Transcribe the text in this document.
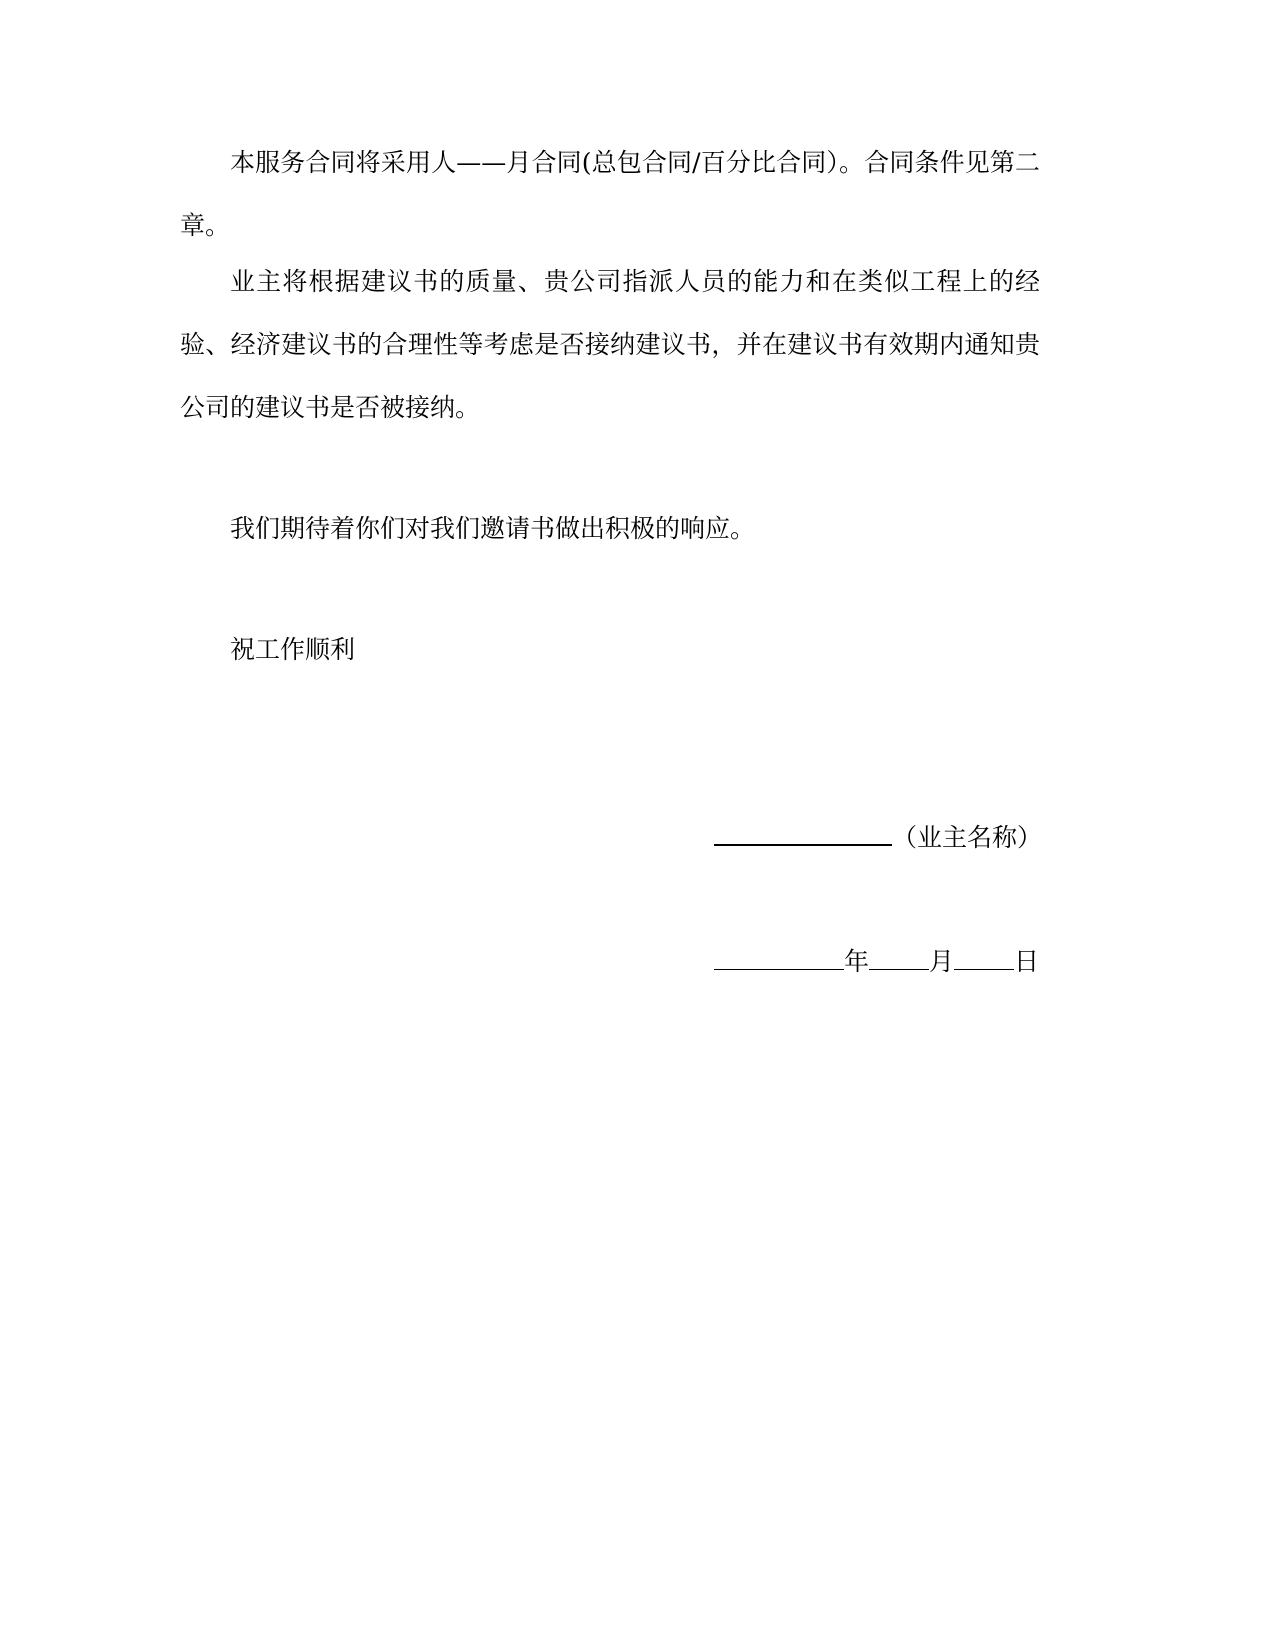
本服务合同将采用人——月合同(总包合同/百分比合同）。合同条件见第二章。

业主将根据建议书的质量、贵公司指派人员的能力和在类似工程上的经验、经济建议书的合理性等考虑是否接纳建议书，并在建议书有效期内通知贵公司的建议书是否被接纳。

我们期待着你们对我们邀请书做出积极的响应。

祝工作顺利

（业主名称）
年 月 日
